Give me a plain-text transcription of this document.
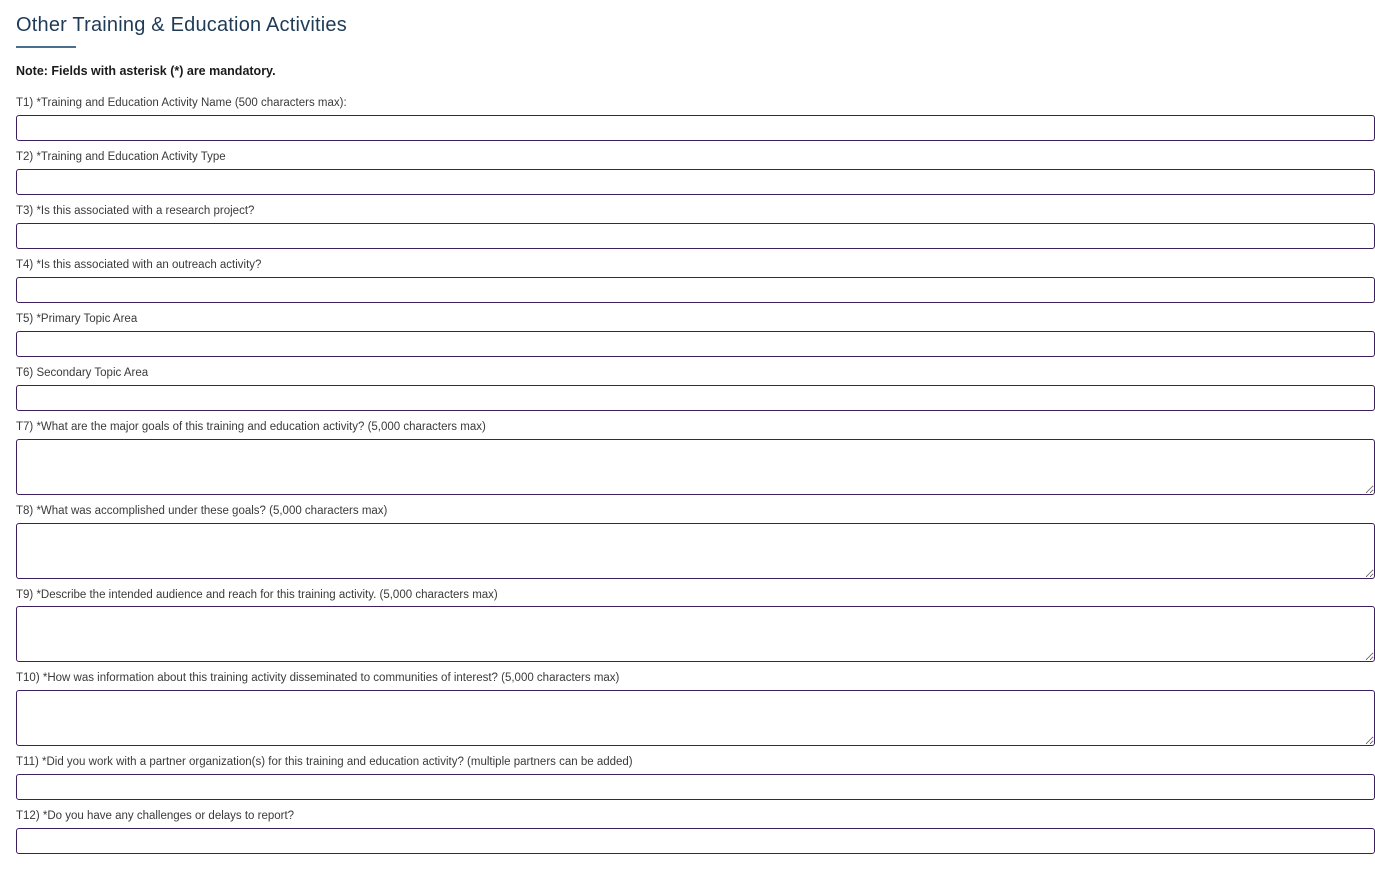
Other Training & Education Activities
Note: Fields with asterisk (*) are mandatory.
T1) *Training and Education Activity Name (500 characters max):
T2) *Training and Education Activity Type
T3) *Is this associated with a research project?
T4) *Is this associated with an outreach activity?
T5) *Primary Topic Area
T6) Secondary Topic Area
T7) *What are the major goals of this training and education activity? (5,000 characters max)
T8) *What was accomplished under these goals? (5,000 characters max)
T9) *Describe the intended audience and reach for this training activity. (5,000 characters max)
T10) *How was information about this training activity disseminated to communities of interest? (5,000 characters max)
T11) *Did you work with a partner organization(s) for this training and education activity? (multiple partners can be added)
T12) *Do you have any challenges or delays to report?
